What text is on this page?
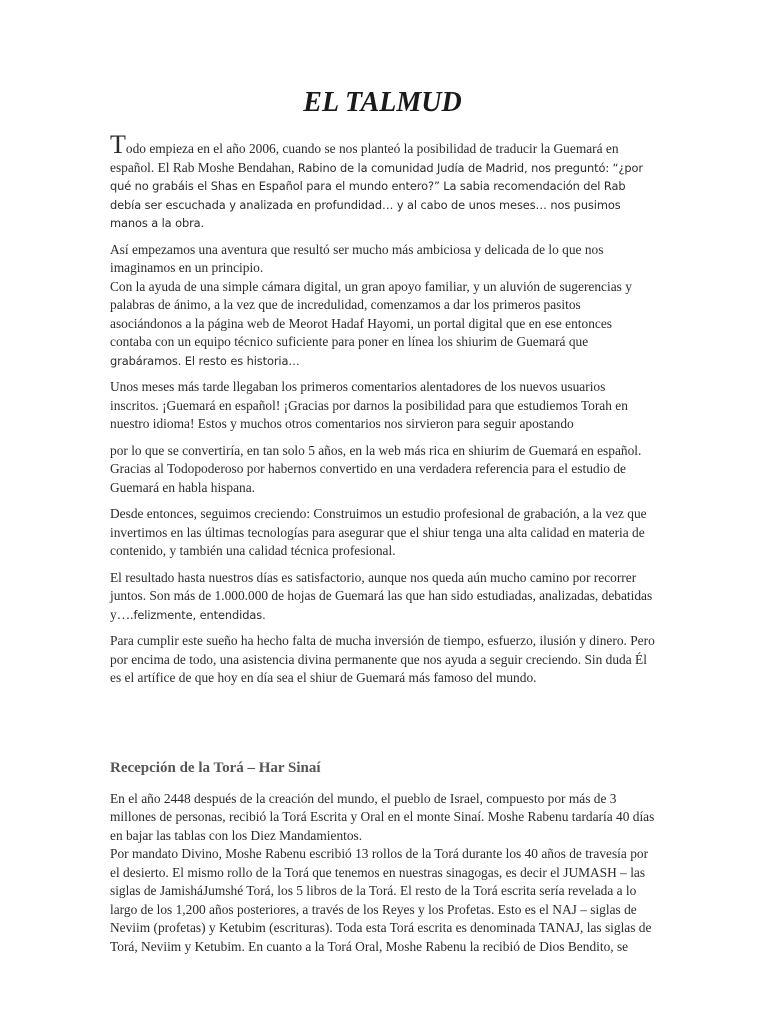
EL TALMUD

Todo empieza en el año 2006, cuando se nos planteó la posibilidad de traducir la Guemará en español. El Rab Moshe Bendahan, Rabino de la comunidad Judía de Madrid, nos preguntó: “¿por qué no grabáis el Shas en Español para el mundo entero?” La sabia recomendación del Rab debía ser escuchada y analizada en profundidad… y al cabo de unos meses… nos pusimos manos a la obra.

Así empezamos una aventura que resultó ser mucho más ambiciosa y delicada de lo que nos imaginamos en un principio.
Con la ayuda de una simple cámara digital, un gran apoyo familiar, y un aluvión de sugerencias y palabras de ánimo, a la vez que de incredulidad, comenzamos a dar los primeros pasitos asociándonos a la página web de Meorot Hadaf Hayomi, un portal digital que en ese entonces contaba con un equipo técnico suficiente para poner en línea los shiurim de Guemará que grabáramos. El resto es historia…

Unos meses más tarde llegaban los primeros comentarios alentadores de los nuevos usuarios inscritos. ¡Guemará en español! ¡Gracias por darnos la posibilidad para que estudiemos Torah en nuestro idioma! Estos y muchos otros comentarios nos sirvieron para seguir apostando

por lo que se convertiría, en tan solo 5 años, en la web más rica en shiurim de Guemará en español. Gracias al Todopoderoso por habernos convertido en una verdadera referencia para el estudio de Guemará en habla hispana.

Desde entonces, seguimos creciendo: Construimos un estudio profesional de grabación, a la vez que invertimos en las últimas tecnologías para asegurar que el shiur tenga una alta calidad en materia de contenido, y también una calidad técnica profesional.

El resultado hasta nuestros días es satisfactorio, aunque nos queda aún mucho camino por recorrer juntos. Son más de 1.000.000 de hojas de Guemará las que han sido estudiadas, analizadas, debatidas y….felizmente, entendidas.

Para cumplir este sueño ha hecho falta de mucha inversión de tiempo, esfuerzo, ilusión y dinero. Pero por encima de todo, una asistencia divina permanente que nos ayuda a seguir creciendo. Sin duda Él es el artífice de que hoy en día sea el shiur de Guemará más famoso del mundo.

Recepción de la Torá – Har Sinaí

En el año 2448 después de la creación del mundo, el pueblo de Israel, compuesto por más de 3 millones de personas, recibió la Torá Escrita y Oral en el monte Sinaí. Moshe Rabenu tardaría 40 días en bajar las tablas con los Diez Mandamientos.
Por mandato Divino, Moshe Rabenu escribió 13 rollos de la Torá durante los 40 años de travesía por el desierto. El mismo rollo de la Torá que tenemos en nuestras sinagogas, es decir el JUMASH – las siglas de JamisháJumshé Torá, los 5 libros de la Torá. El resto de la Torá escrita sería revelada a lo largo de los 1,200 años posteriores, a través de los Reyes y los Profetas. Esto es el NAJ – siglas de Neviim (profetas) y Ketubim (escrituras). Toda esta Torá escrita es denominada TANAJ, las siglas de Torá, Neviim y Ketubim. En cuanto a la Torá Oral, Moshe Rabenu la recibió de Dios Bendito, se
